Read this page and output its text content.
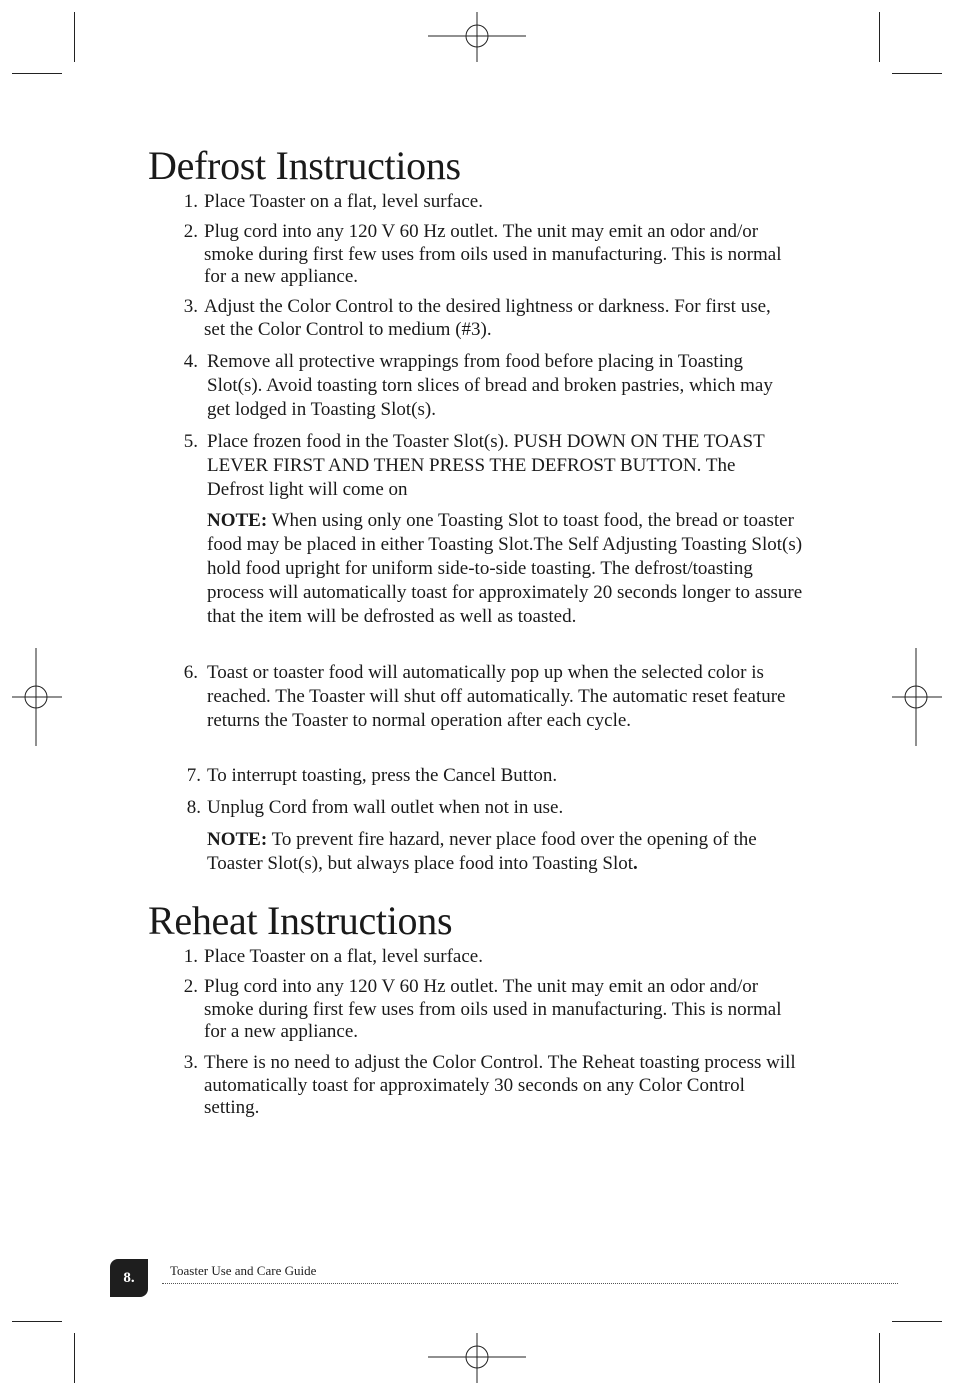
Defrost Instructions
1. Place Toaster on a flat, level surface.
2. Plug cord into any 120 V 60 Hz outlet. The unit may emit an odor and/or smoke during first few uses from oils used in manufacturing. This is normal for a new appliance.
3. Adjust the Color Control to the desired lightness or darkness. For first use, set the Color Control to medium (#3).
4. Remove all protective wrappings from food before placing in Toasting Slot(s). Avoid toasting torn slices of bread and broken pastries, which may get lodged in Toasting Slot(s).
5. Place frozen food in the Toaster Slot(s). PUSH DOWN ON THE TOAST LEVER FIRST AND THEN PRESS THE DEFROST BUTTON. The Defrost light will come on
NOTE: When using only one Toasting Slot to toast food, the bread or toaster food may be placed in either Toasting Slot.The Self Adjusting Toasting Slot(s) hold food upright for uniform side-to-side toasting. The defrost/toasting process will automatically toast for approximately 20 seconds longer to assure that the item will be defrosted as well as toasted.
6. Toast or toaster food will automatically pop up when the selected color is reached. The Toaster will shut off automatically. The automatic reset feature returns the Toaster to normal operation after each cycle.
7. To interrupt toasting, press the Cancel Button.
8. Unplug Cord from wall outlet when not in use.
NOTE: To prevent fire hazard, never place food over the opening of the Toaster Slot(s), but always place food into Toasting Slot.
Reheat Instructions
1. Place Toaster on a flat, level surface.
2. Plug cord into any 120 V 60 Hz outlet. The unit may emit an odor and/or smoke during first few uses from oils used in manufacturing. This is normal for a new appliance.
3. There is no need to adjust the Color Control. The Reheat toasting process will automatically toast for approximately 30 seconds on any Color Control setting.
8.	Toaster Use and Care Guide
